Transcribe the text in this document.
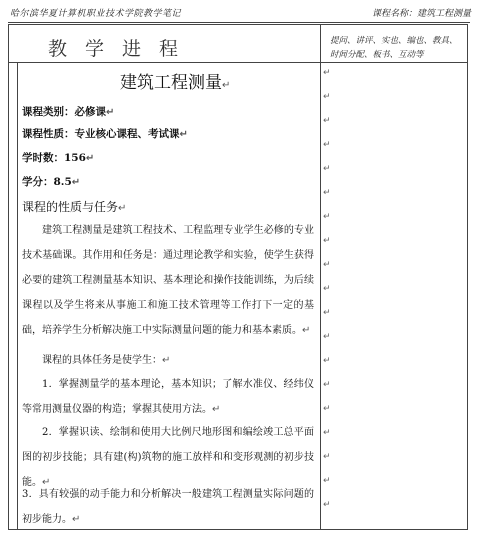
哈尔滨华夏计算机职业技术学院教学笔记	课程名称：建筑工程测量
教学进程	提问、讲评、实也、编也、教具、时间分配、板书、互动等
建筑工程测量↵
课程类别：必修课↵
课程性质：专业核心课程、考试课↵
学时数：156↵
学分：8.5↵
课程的性质与任务↵
建筑工程测量是建筑工程技术、工程监理专业学生必修的专业技术基础课。其作用和任务是：通过理论教学和实验，使学生获得必要的建筑工程测量基本知识、基本理论和操作技能训练，为后续课程以及学生将来从事施工和施工技术管理等工作打下一定的基础，培养学生分析解决施工中实际测量问题的能力和基本素质。↵
课程的具体任务是使学生：↵
1．掌握测量学的基本理论，基本知识；了解水准仪、经纬仪等常用测量仪器的构造；掌握其使用方法。↵
2．掌握识读、绘制和使用大比例尺地形图和编绘竣工总平面图的初步技能；具有建(构)筑物的施工放样和和变形观测的初步技能。↵
3．具有较强的动手能力和分析解决一般建筑工程测量实际问题的初步能力。↵
↵
↵
↵
↵
↵
↵
↵
↵
↵
↵
↵
↵
↵
↵
↵
↵
↵
↵
↵
